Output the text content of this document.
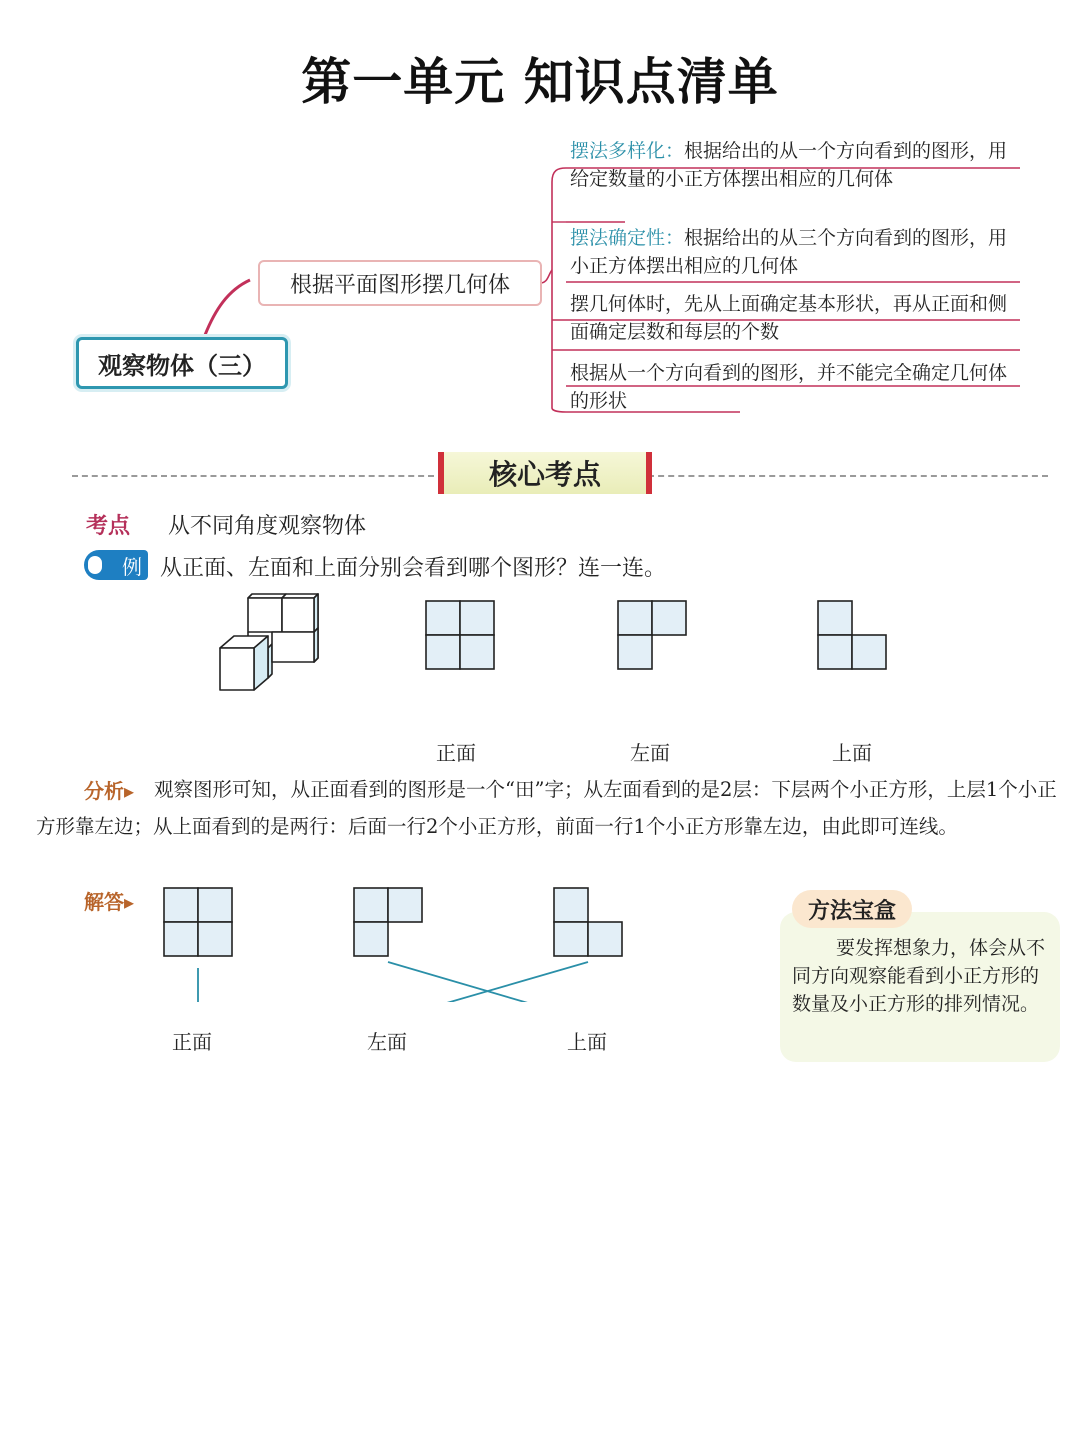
第一单元 知识点清单
观察物体（三）
根据平面图形摆几何体
摆法多样化：根据给出的从一个方向看到的图形，用给定数量的小正方体摆出相应的几何体
摆法确定性：根据给出的从三个方向看到的图形，用小正方体摆出相应的几何体
摆几何体时，先从上面确定基本形状，再从正面和侧面确定层数和每层的个数
根据从一个方向看到的图形，并不能完全确定几何体的形状
核心考点
考点 从不同角度观察物体
例 从正面、左面和上面分别会看到哪个图形？连一连。
正面	左面	上面
观察图形可知，从正面看到的图形是一个“田”字；从左面看到的是2层：下层两个小正方形，上层1个小正方形靠左边；从上面看到的是两行：后面一行2个小正方形，前面一行1个小正方形靠左边，由此即可连线。
分析▸
解答▸
正面	左面	上面
方法宝盒
要发挥想象力，体会从不同方向观察能看到小正方形的数量及小正方形的排列情况。
